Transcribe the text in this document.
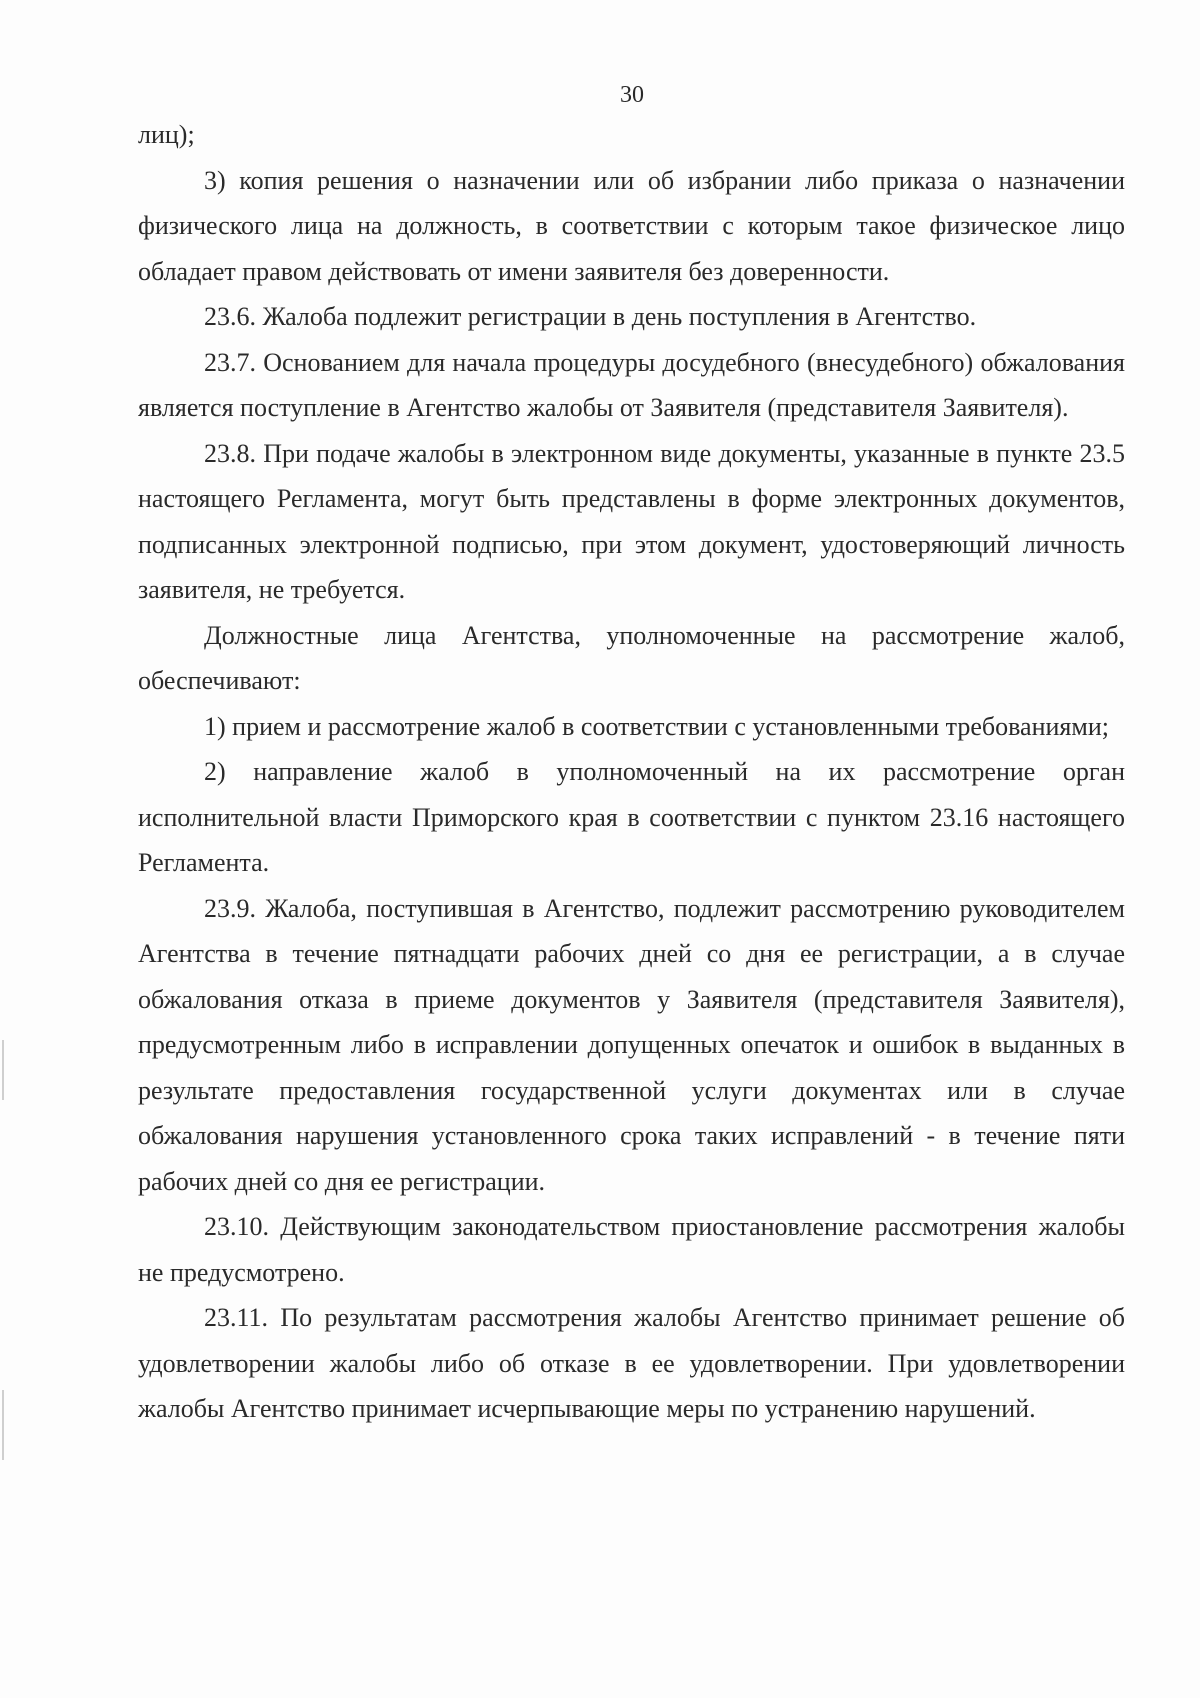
30

лиц);

3) копия решения о назначении или об избрании либо приказа о назначении физического лица на должность, в соответствии с которым такое физическое лицо обладает правом действовать от имени заявителя без доверенности.

23.6. Жалоба подлежит регистрации в день поступления в Агентство.

23.7. Основанием для начала процедуры досудебного (внесудебного) обжалования является поступление в Агентство жалобы от Заявителя (представителя Заявителя).

23.8. При подаче жалобы в электронном виде документы, указанные в пункте 23.5 настоящего Регламента, могут быть представлены в форме электронных документов, подписанных электронной подписью, при этом документ, удостоверяющий личность заявителя, не требуется.

Должностные лица Агентства, уполномоченные на рассмотрение жалоб, обеспечивают:

1) прием и рассмотрение жалоб в соответствии с установленными требованиями;

2) направление жалоб в уполномоченный на их рассмотрение орган исполнительной власти Приморского края в соответствии с пунктом 23.16 настоящего Регламента.

23.9. Жалоба, поступившая в Агентство, подлежит рассмотрению руководителем Агентства в течение пятнадцати рабочих дней со дня ее регистрации, а в случае обжалования отказа в приеме документов у Заявителя (представителя Заявителя), предусмотренным либо в исправлении допущенных опечаток и ошибок в выданных в результате предоставления государственной услуги документах или в случае обжалования нарушения установленного срока таких исправлений - в течение пяти рабочих дней со дня ее регистрации.

23.10. Действующим законодательством приостановление рассмотрения жалобы не предусмотрено.

23.11. По результатам рассмотрения жалобы Агентство принимает решение об удовлетворении жалобы либо об отказе в ее удовлетворении. При удовлетворении жалобы Агентство принимает исчерпывающие меры по устранению нарушений.
